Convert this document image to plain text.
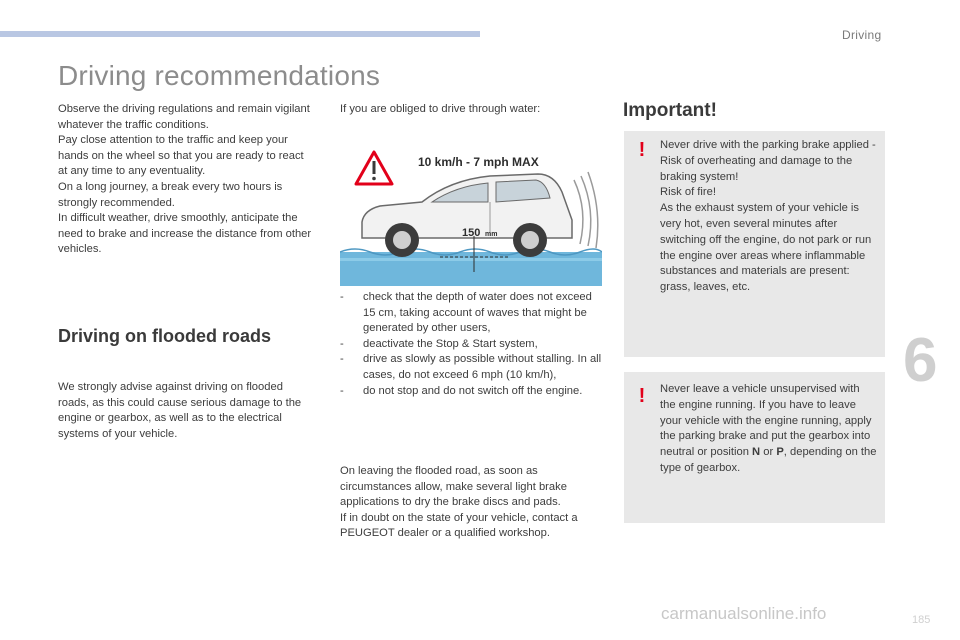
Driving
6
Driving recommendations

Observe the driving regulations and remain vigilant whatever the traffic conditions.

Pay close attention to the traffic and keep your hands on the wheel so that you are ready to react at any time to any eventuality.

On a long journey, a break every two hours is strongly recommended.

In difficult weather, drive smoothly, anticipate the need to brake and increase the distance from other vehicles.

Driving on flooded roads

We strongly advise against driving on flooded roads, as this could cause serious damage to the engine or gearbox, as well as to the electrical systems of your vehicle.

If you are obliged to drive through water:

10 km/h - 7 mph MAX
150 mm
- check that the depth of water does not exceed 15 cm, taking account of waves that might be generated by other users,
- deactivate the Stop & Start system,
- drive as slowly as possible without stalling. In all cases, do not exceed 6 mph (10 km/h),
- do not stop and do not switch off the engine.

On leaving the flooded road, as soon as circumstances allow, make several light brake applications to dry the brake discs and pads.

If in doubt on the state of your vehicle, contact a PEUGEOT dealer or a qualified workshop.

Important!
! Never drive with the parking brake applied - Risk of overheating and damage to the braking system!
Risk of fire!
As the exhaust system of your vehicle is very hot, even several minutes after switching off the engine, do not park or run the engine over areas where inflammable substances and materials are present: grass, leaves, etc.
! Never leave a vehicle unsupervised with the engine running. If you have to leave your vehicle with the engine running, apply the parking brake and put the gearbox into neutral or position N or P, depending on the type of gearbox.
carmanualsonline.info	185
